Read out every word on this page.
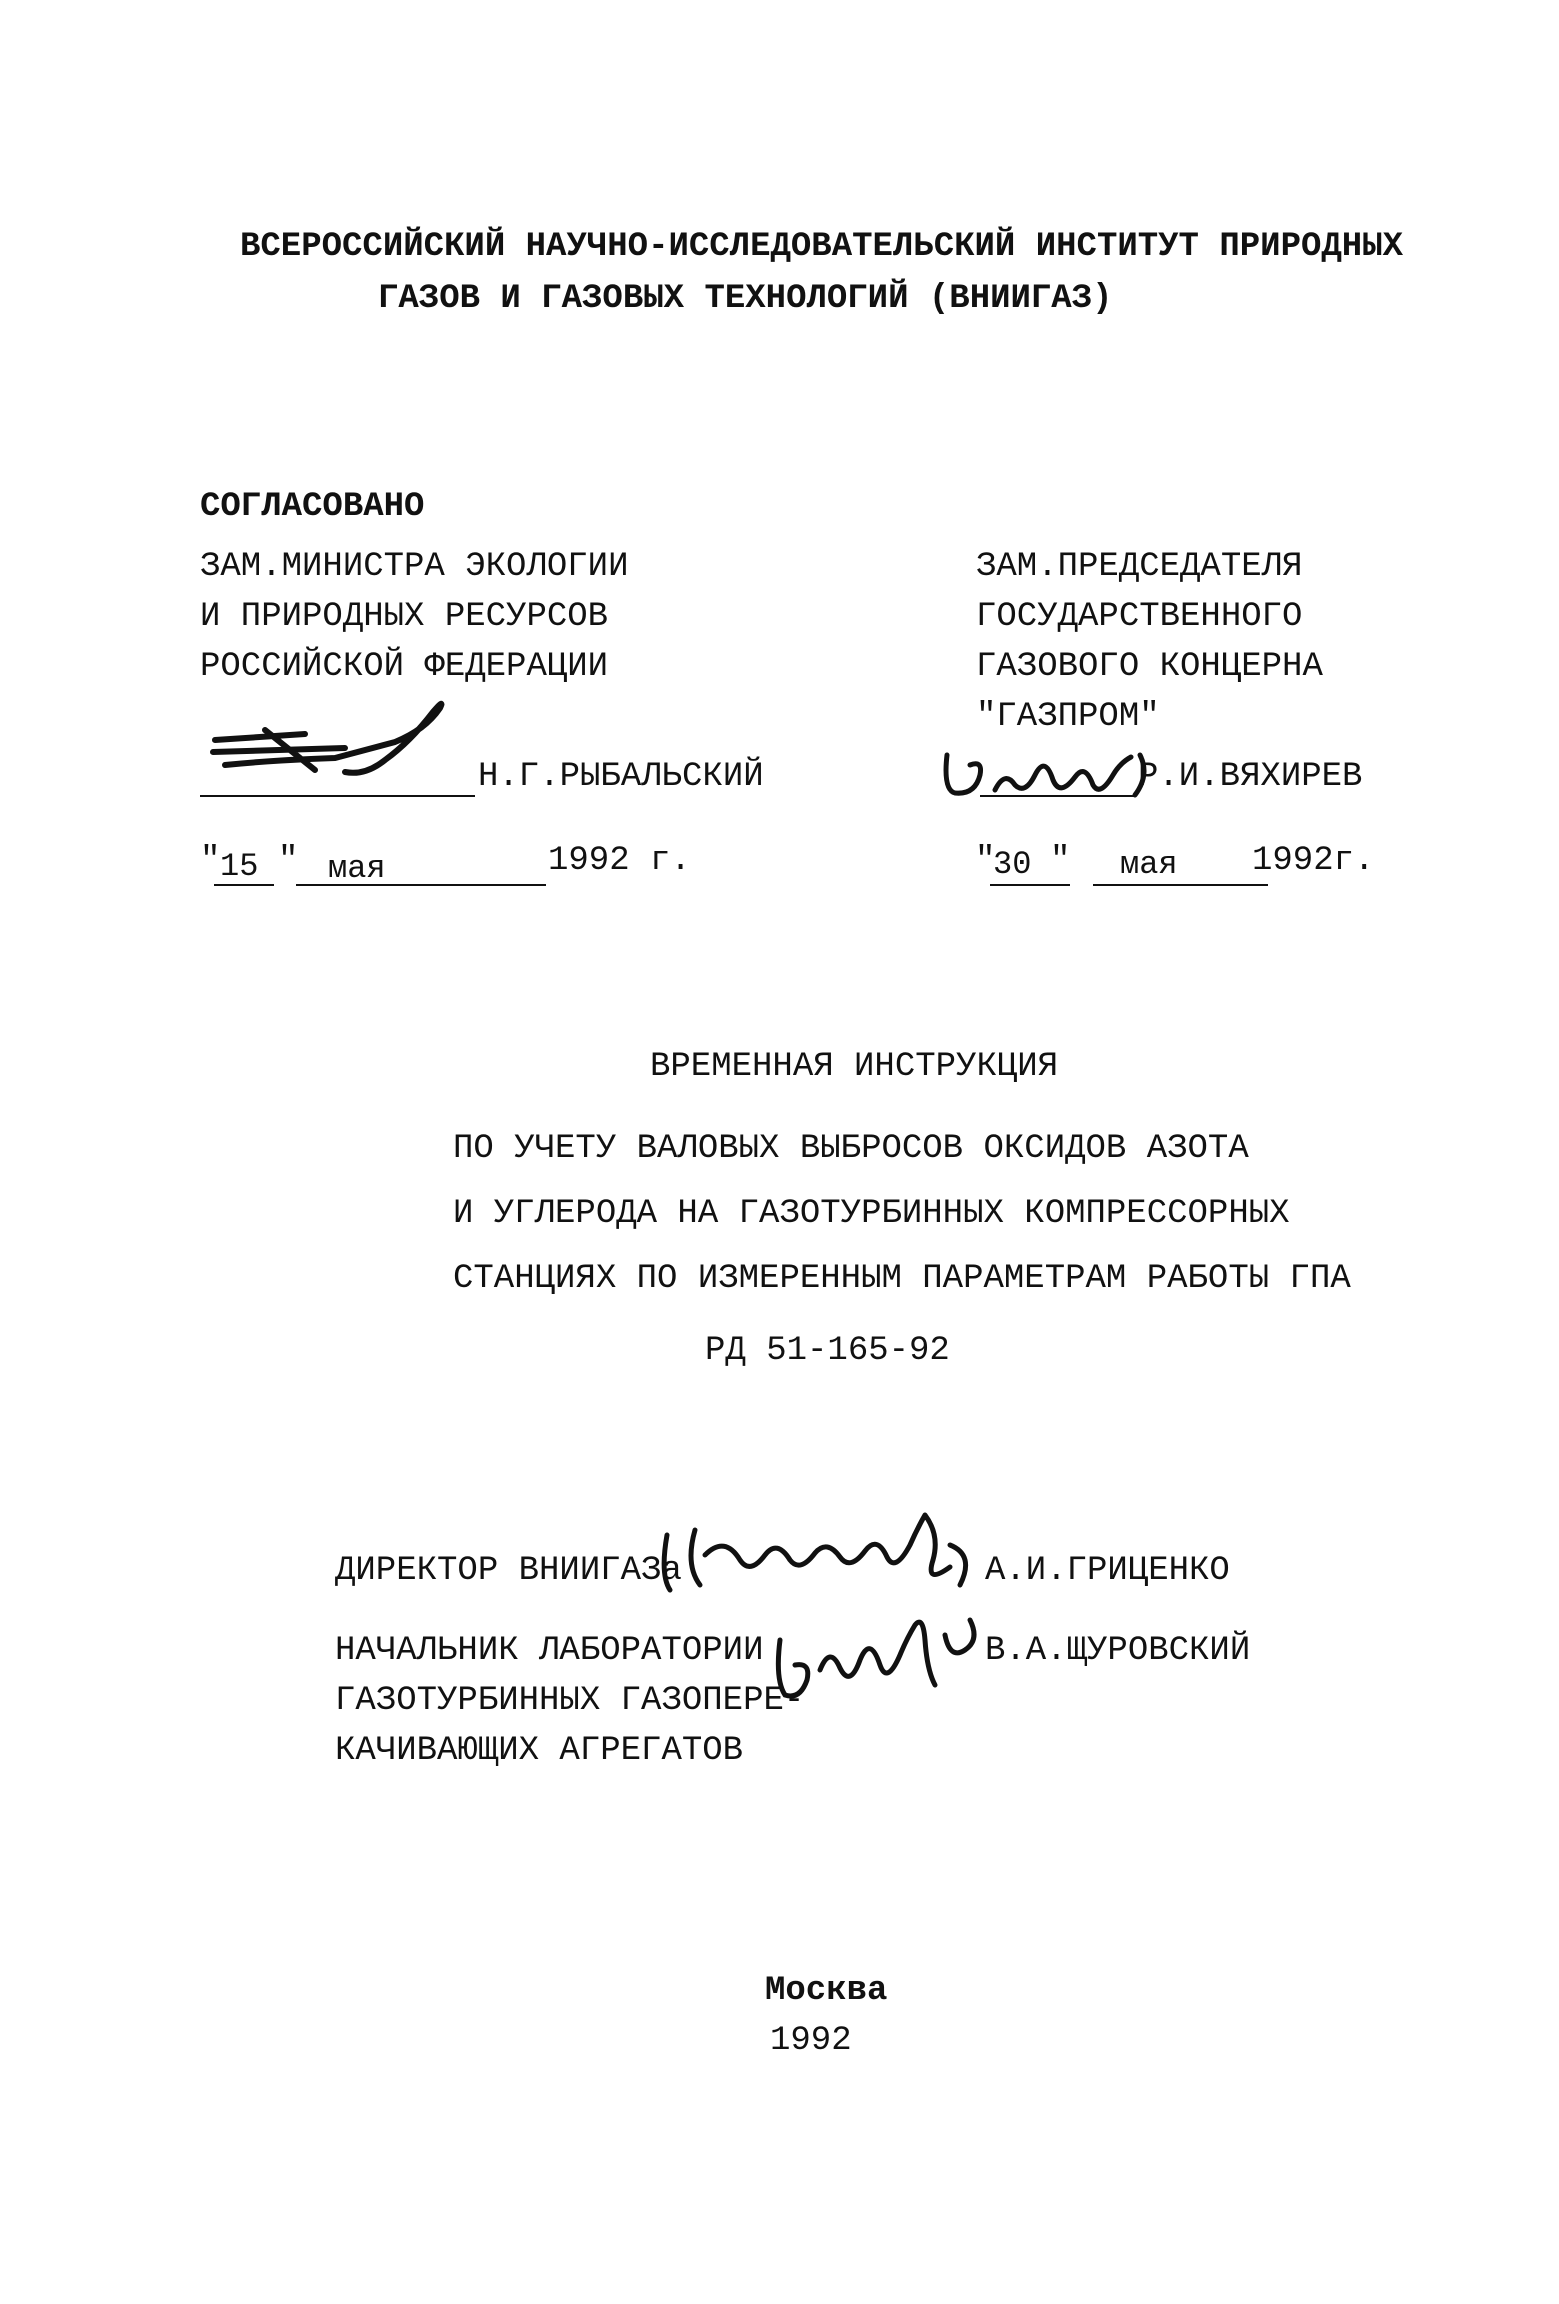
ВСЕРОССИЙСКИЙ НАУЧНО-ИССЛЕДОВАТЕЛЬСКИЙ ИНСТИТУТ ПРИРОДНЫХ
ГАЗОВ И ГАЗОВЫХ ТЕХНОЛОГИЙ (ВНИИГАЗ)
СОГЛАСОВАНО
ЗАМ.МИНИСТРА ЭКОЛОГИИ
И ПРИРОДНЫХ РЕСУРСОВ
РОССИЙСКОЙ ФЕДЕРАЦИИ
Н.Г.РЫБАЛЬСКИЙ
" 15 " мая	1992 г.
ЗАМ.ПРЕДСЕДАТЕЛЯ
ГОСУДАРСТВЕННОГО
ГАЗОВОГО КОНЦЕРНА
"ГАЗПРОМ"
Р.И.ВЯХИРЕВ
"
30 " мая 1992г.
ВРЕМЕННАЯ ИНСТРУКЦИЯ
ПО УЧЕТУ ВАЛОВЫХ ВЫБРОСОВ ОКСИДОВ АЗОТА
И УГЛЕРОДА НА ГАЗОТУРБИННЫХ КОМПРЕССОРНЫХ
СТАНЦИЯХ ПО ИЗМЕРЕННЫМ ПАРАМЕТРАМ РАБОТЫ ГПА
РД 51-165-92
ДИРЕКТОР ВНИИГАЗа	А.И.ГРИЦЕНКО
НАЧАЛЬНИК ЛАБОРАТОРИИ
ГАЗОТУРБИННЫХ ГАЗОПЕРЕ-
КАЧИВАЮЩИХ АГРЕГАТОВ
В.А.ЩУРОВСКИЙ
Москва
1992
